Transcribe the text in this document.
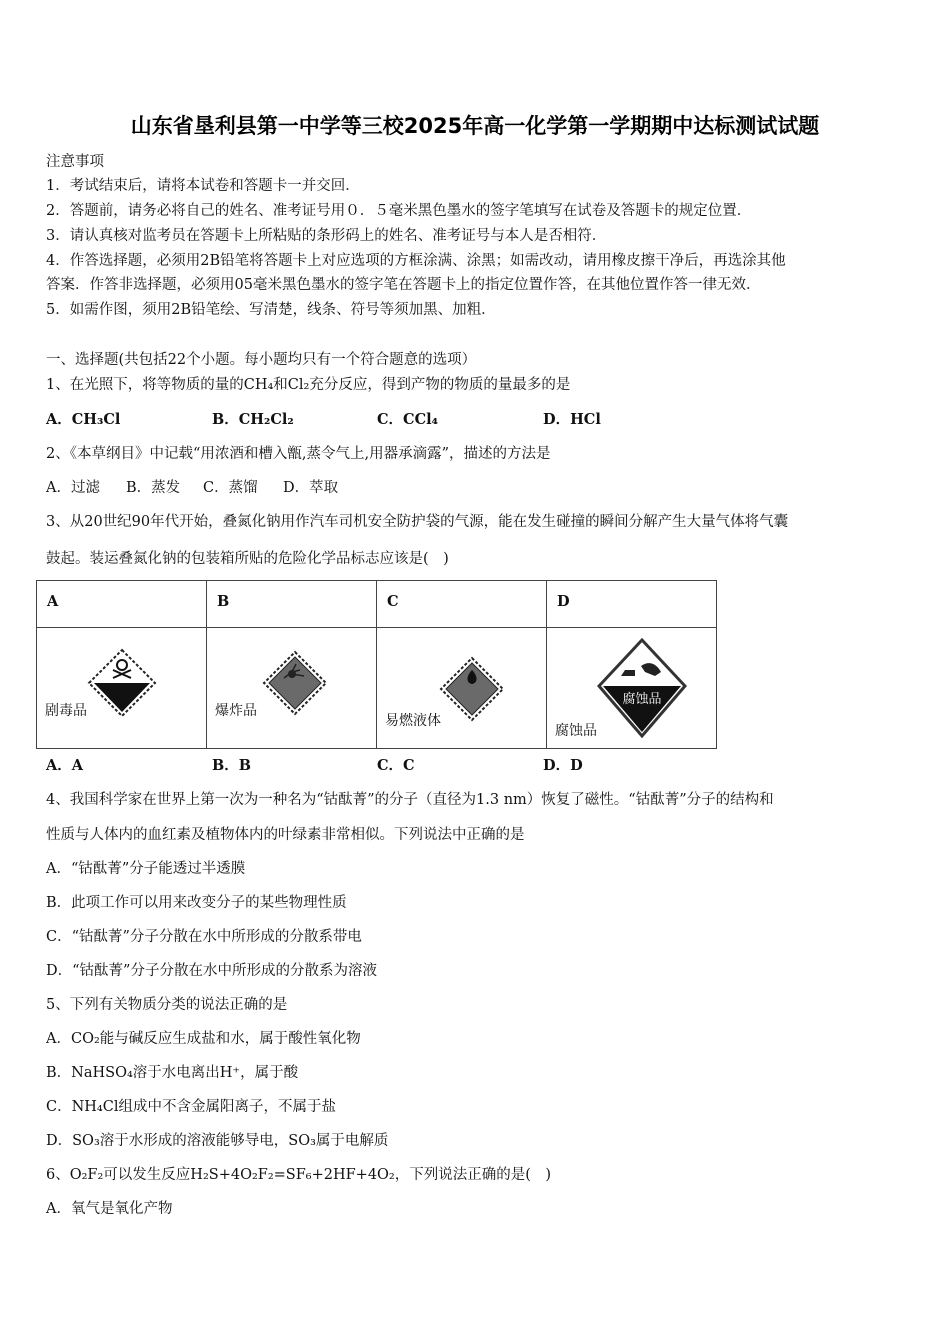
山东省垦利县第一中学等三校2025年高一化学第一学期期中达标测试试题
注意事项
1．考试结束后，请将本试卷和答题卡一并交回．
2．答题前，请务必将自己的姓名、准考证号用０．５毫米黑色墨水的签字笔填写在试卷及答题卡的规定位置．
3．请认真核对监考员在答题卡上所粘贴的条形码上的姓名、准考证号与本人是否相符．
4．作答选择题，必须用2B铅笔将答题卡上对应选项的方框涂满、涂黑；如需改动，请用橡皮擦干净后，再选涂其他
答案．作答非选择题，必须用05毫米黑色墨水的签字笔在答题卡上的指定位置作答，在其他位置作答一律无效．
5．如需作图，须用2B铅笔绘、写清楚，线条、符号等须加黑、加粗．
一、选择题(共包括22个小题。每小题均只有一个符合题意的选项）
1、在光照下，将等物质的量的CH₄和Cl₂充分反应，得到产物的物质的量最多的是
A．CH₃Cl	B．CH₂Cl₂	C．CCl₄	D．HCl
2、《本草纲目》中记载“用浓酒和槽入甑,蒸令气上,用器承滴露”，描述的方法是
A．过滤 B．蒸发 C．蒸馏 D．萃取
3、从20世纪90年代开始，叠氮化钠用作汽车司机安全防护袋的气源，能在发生碰撞的瞬间分解产生大量气体将气囊
鼓起。装运叠氮化钠的包装箱所贴的危险化学品标志应该是(　)
A	B	C	D

剧毒品	爆炸品	易燃液体	腐蚀品
腐蚀品
A．A	B．B	C．C	D．D
4、我国科学家在世界上第一次为一种名为“钴酞菁”的分子（直径为1.3 nm）恢复了磁性。“钴酞菁”分子的结构和
性质与人体内的血红素及植物体内的叶绿素非常相似。下列说法中正确的是
A．“钴酞菁”分子能透过半透膜
B．此项工作可以用来改变分子的某些物理性质
C．“钴酞菁”分子分散在水中所形成的分散系带电
D．“钴酞菁”分子分散在水中所形成的分散系为溶液
5、下列有关物质分类的说法正确的是
A．CO₂能与碱反应生成盐和水，属于酸性氧化物
B．NaHSO₄溶于水电离出H⁺，属于酸
C．NH₄Cl组成中不含金属阳离子，不属于盐
D．SO₃溶于水形成的溶液能够导电，SO₃属于电解质
6、O₂F₂可以发生反应H₂S+4O₂F₂=SF₆+2HF+4O₂，下列说法正确的是(　)
A．氧气是氧化产物
